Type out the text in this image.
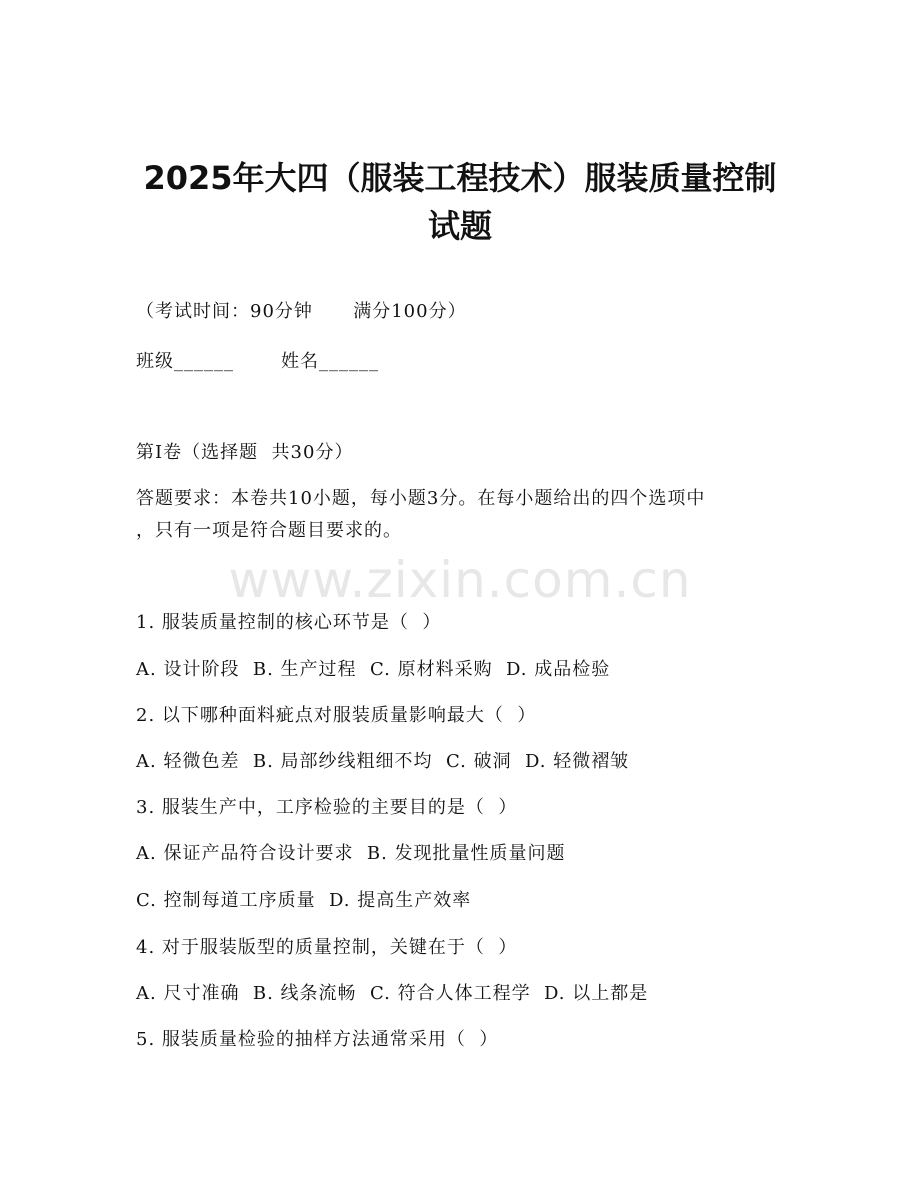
2025年大四（服装工程技术）服装质量控制
试题
（考试时间：90分钟      满分100分）
班级______       姓名______
第I卷（选择题  共30分）
答题要求：本卷共10小题，每小题3分。在每小题给出的四个选项中
，只有一项是符合题目要求的。
www.zixin.com.cn
1. 服装质量控制的核心环节是（  ）
A. 设计阶段  B. 生产过程  C. 原材料采购  D. 成品检验
2. 以下哪种面料疵点对服装质量影响最大（  ）
A. 轻微色差  B. 局部纱线粗细不均  C. 破洞  D. 轻微褶皱
3. 服装生产中，工序检验的主要目的是（  ）
A. 保证产品符合设计要求  B. 发现批量性质量问题
C. 控制每道工序质量  D. 提高生产效率
4. 对于服装版型的质量控制，关键在于（  ）
A. 尺寸准确  B. 线条流畅  C. 符合人体工程学  D. 以上都是
5. 服装质量检验的抽样方法通常采用（  ）
